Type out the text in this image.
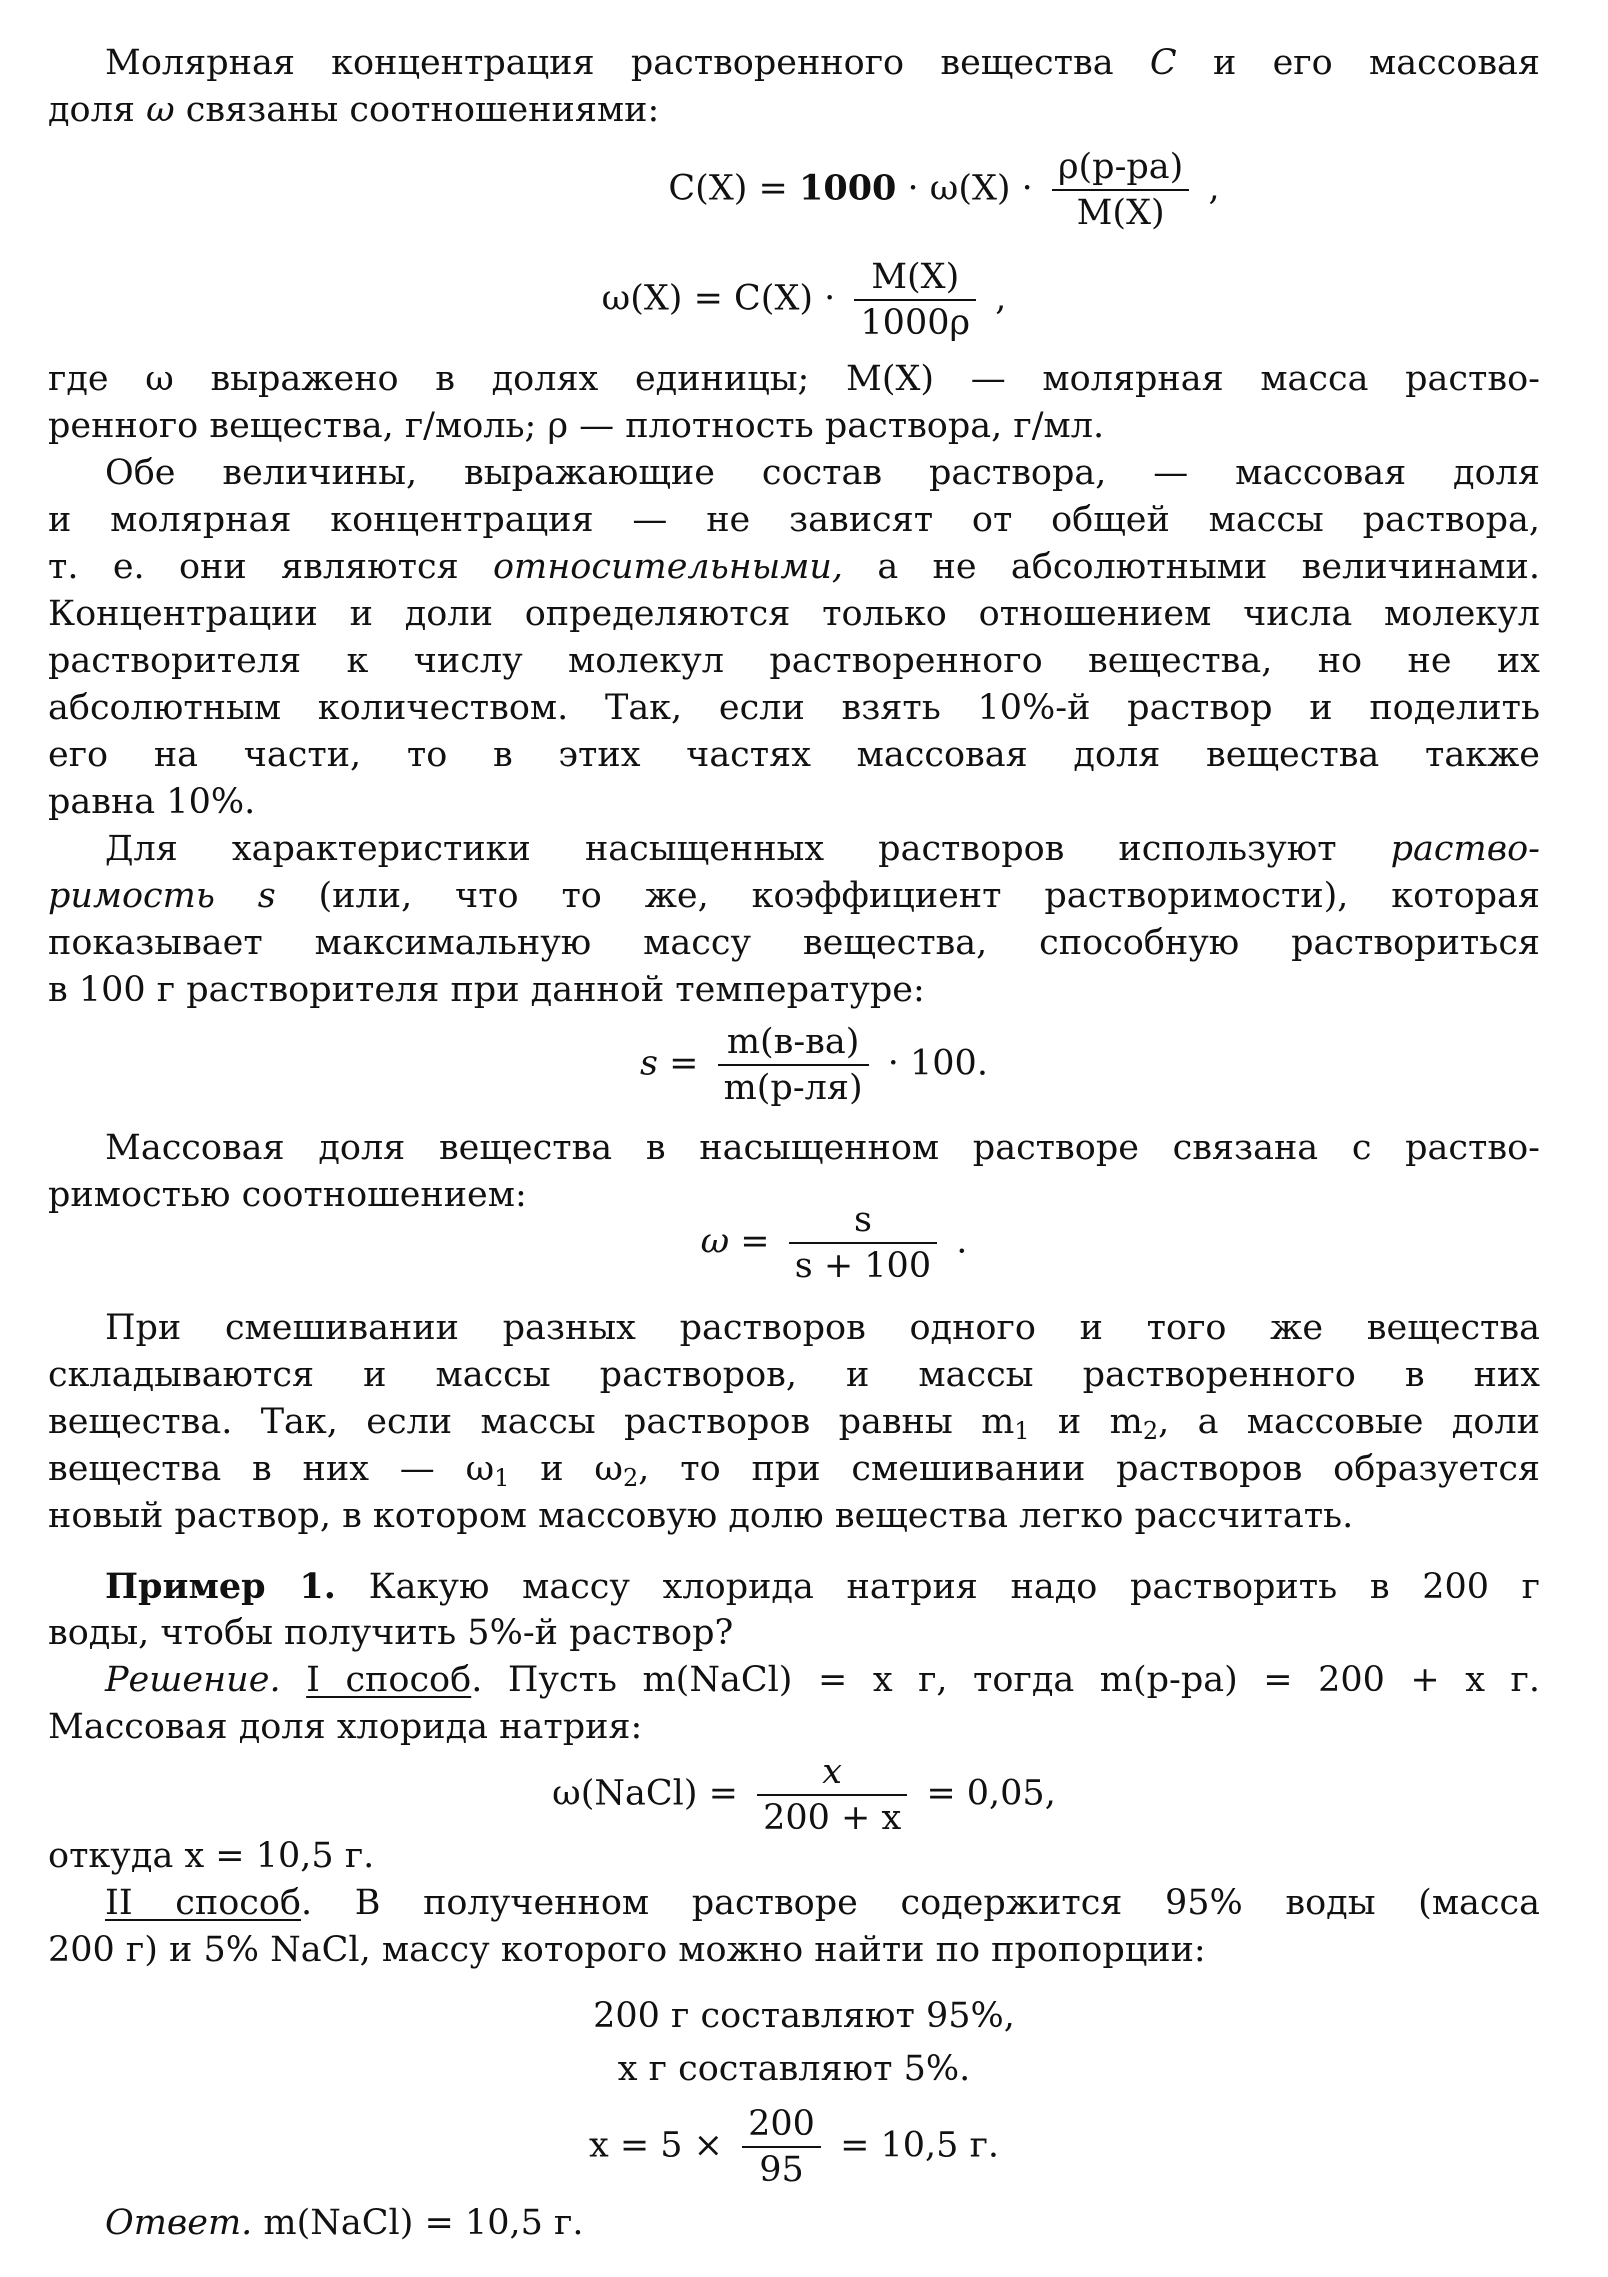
Молярная концентрация растворенного вещества C и его массовая

доля ω связаны соотношениями:

$C(X) = 1000 \cdot \omega(X) \cdot \frac{\rho(р-ра)}{M(X)}$ ,
$\omega(X) = C(X) \cdot \frac{M(X)}{1000\rho}$ ,

где ω выражено в долях единицы; M(X) — молярная масса раство-

ренного вещества, г/моль; ρ — плотность раствора, г/мл.

Обе величины, выражающие состав раствора, — массовая доля

и молярная концентрация — не зависят от общей массы раствора,

т. е. они являются относительными, а не абсолютными величинами.

Концентрации и доли определяются только отношением числа молекул

растворителя к числу молекул растворенного вещества, но не их

абсолютным количеством. Так, если взять 10%-й раствор и поделить

его на части, то в этих частях массовая доля вещества также

равна 10%.

Для характеристики насыщенных растворов используют раство-

римость s (или, что то же, коэффициент растворимости), которая

показывает максимальную массу вещества, способную раствориться

в 100 г растворителя при данной температуре:

$s = \frac{m(в-ва)}{m(р-ля)} \cdot 100$.

Массовая доля вещества в насыщенном растворе связана с раство-

римостью соотношением:

$\omega = \frac{s}{s + 100}$ .

При смешивании разных растворов одного и того же вещества

складываются и массы растворов, и массы растворенного в них

вещества. Так, если массы растворов равны $m_1$ и $m_2$, а массовые доли

вещества в них — $\omega_1$ и $\omega_2$, то при смешивании растворов образуется

новый раствор, в котором массовую долю вещества легко рассчитать.

Пример 1. Какую массу хлорида натрия надо растворить в 200 г

воды, чтобы получить 5%-й раствор?

Решение. I способ. Пусть m(NaCl) = x г, тогда m(р-ра) = 200 + x г.

Массовая доля хлорида натрия:

ω(NaCl) = $\frac{x}{200 + x} = 0,05$,

откуда x = 10,5 г.

II способ. В полученном растворе содержится 95% воды (масса

200 г) и 5% NaCl, массу которого можно найти по пропорции:

200 г составляют 95%,
x г составляют 5%.
$x = 5 \times \frac{200}{95} = 10,5$ г.

Ответ. m(NaCl) = 10,5 г.
